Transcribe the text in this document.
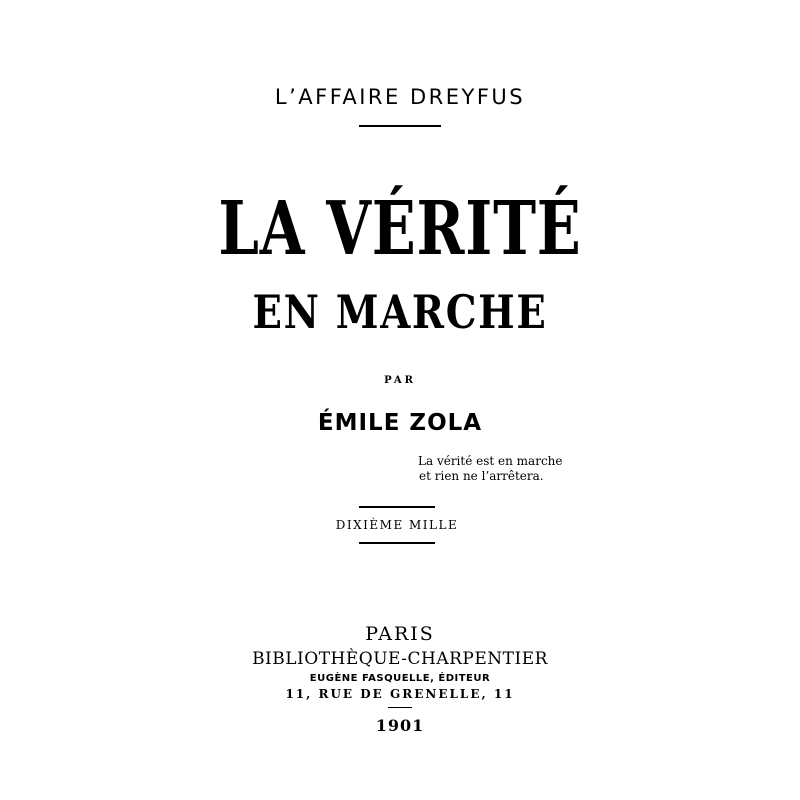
L’AFFAIRE DREYFUS
LA VÉRITÉ
EN MARCHE
PAR
ÉMILE ZOLA
La vérité est en marche
et rien ne l’arrêtera.
DIXIÈME MILLE
PARIS
BIBLIOTHÈQUE-CHARPENTIER
EUGÈNE FASQUELLE, ÉDITEUR
11, RUE DE GRENELLE, 11
1901
